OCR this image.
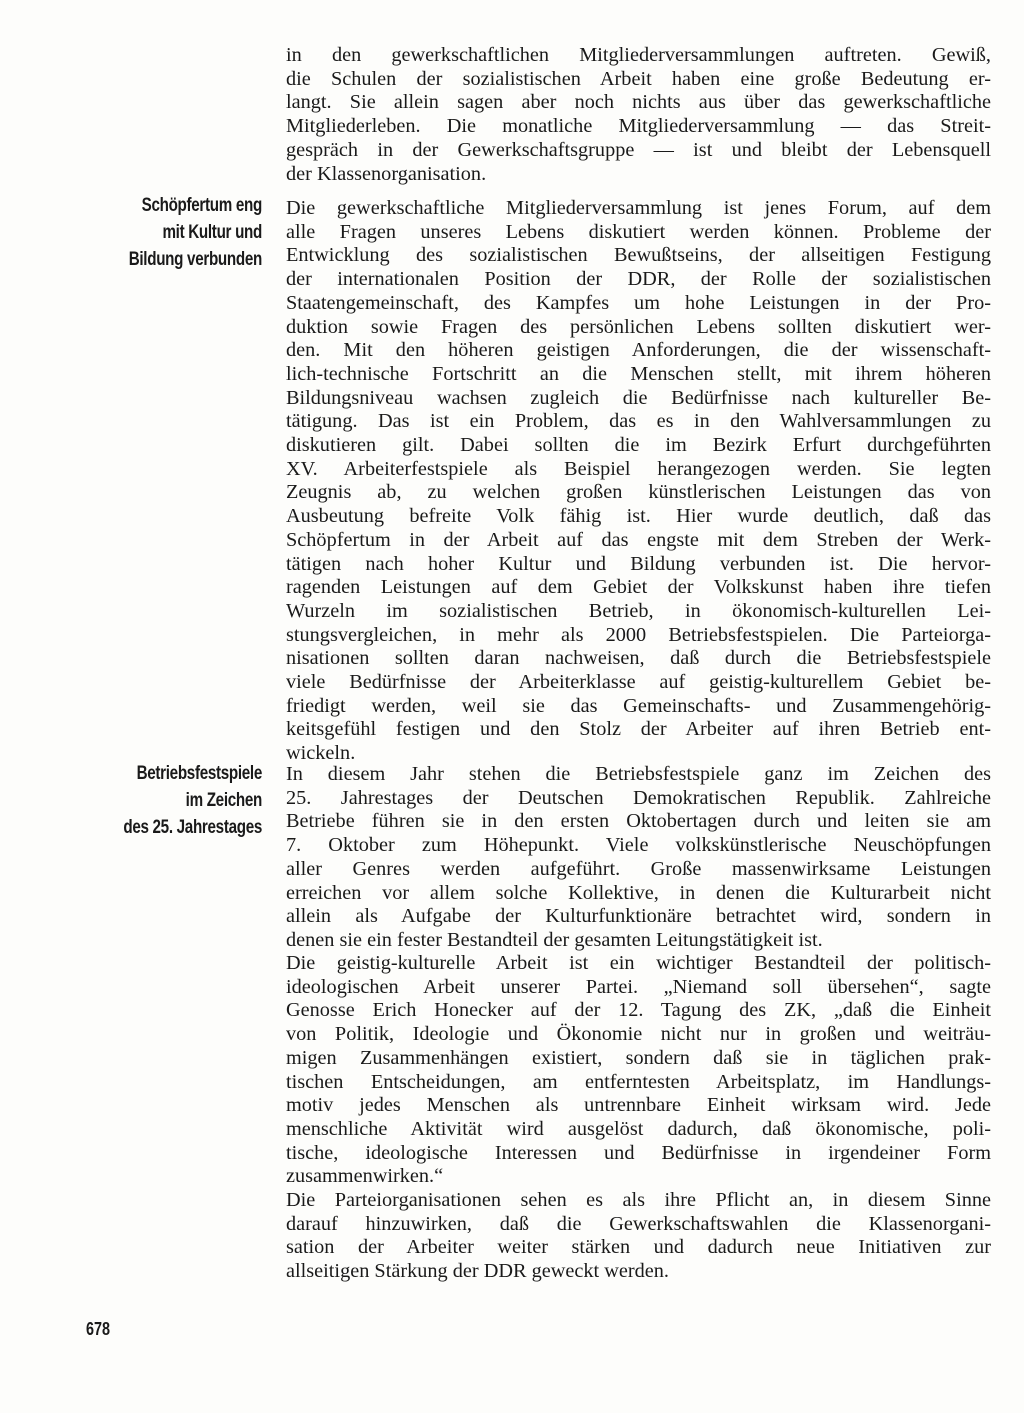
in den gewerkschaftlichen Mitgliederversammlungen auftreten. Gewiß,
die Schulen der sozialistischen Arbeit haben eine große Bedeutung er-
langt. Sie allein sagen aber noch nichts aus über das gewerkschaftliche
Mitgliederleben. Die monatliche Mitgliederversammlung — das Streit-
gespräch in der Gewerkschaftsgruppe — ist und bleibt der Lebensquell
der Klassenorganisation.
Schöpfertum eng
mit Kultur und
Bildung verbunden
Die gewerkschaftliche Mitgliederversammlung ist jenes Forum, auf dem
alle Fragen unseres Lebens diskutiert werden können. Probleme der
Entwicklung des sozialistischen Bewußtseins, der allseitigen Festigung
der internationalen Position der DDR, der Rolle der sozialistischen
Staatengemeinschaft, des Kampfes um hohe Leistungen in der Pro-
duktion sowie Fragen des persönlichen Lebens sollten diskutiert wer-
den. Mit den höheren geistigen Anforderungen, die der wissenschaft-
lich-technische Fortschritt an die Menschen stellt, mit ihrem höheren
Bildungsniveau wachsen zugleich die Bedürfnisse nach kultureller Be-
tätigung. Das ist ein Problem, das es in den Wahlversammlungen zu
diskutieren gilt. Dabei sollten die im Bezirk Erfurt durchgeführten
XV. Arbeiterfestspiele als Beispiel herangezogen werden. Sie legten
Zeugnis ab, zu welchen großen künstlerischen Leistungen das von
Ausbeutung befreite Volk fähig ist. Hier wurde deutlich, daß das
Schöpfertum in der Arbeit auf das engste mit dem Streben der Werk-
tätigen nach hoher Kultur und Bildung verbunden ist. Die hervor-
ragenden Leistungen auf dem Gebiet der Volkskunst haben ihre tiefen
Wurzeln im sozialistischen Betrieb, in ökonomisch-kulturellen Lei-
stungsvergleichen, in mehr als 2000 Betriebsfestspielen. Die Parteiorga-
nisationen sollten daran nachweisen, daß durch die Betriebsfestspiele
viele Bedürfnisse der Arbeiterklasse auf geistig-kulturellem Gebiet be-
friedigt werden, weil sie das Gemeinschafts- und Zusammengehörig-
keitsgefühl festigen und den Stolz der Arbeiter auf ihren Betrieb ent-
wickeln.
Betriebsfestspiele
im Zeichen
des 25. Jahrestages
In diesem Jahr stehen die Betriebsfestspiele ganz im Zeichen des
25. Jahrestages der Deutschen Demokratischen Republik. Zahlreiche
Betriebe führen sie in den ersten Oktobertagen durch und leiten sie am
7. Oktober zum Höhepunkt. Viele volkskünstlerische Neuschöpfungen
aller Genres werden aufgeführt. Große massenwirksame Leistungen
erreichen vor allem solche Kollektive, in denen die Kulturarbeit nicht
allein als Aufgabe der Kulturfunktionäre betrachtet wird, sondern in
denen sie ein fester Bestandteil der gesamten Leitungstätigkeit ist.
Die geistig-kulturelle Arbeit ist ein wichtiger Bestandteil der politisch-
ideologischen Arbeit unserer Partei. „Niemand soll übersehen“, sagte
Genosse Erich Honecker auf der 12. Tagung des ZK, „daß die Einheit
von Politik, Ideologie und Ökonomie nicht nur in großen und weiträu-
migen Zusammenhängen existiert, sondern daß sie in täglichen prak-
tischen Entscheidungen, am entferntesten Arbeitsplatz, im Handlungs-
motiv jedes Menschen als untrennbare Einheit wirksam wird. Jede
menschliche Aktivität wird ausgelöst dadurch, daß ökonomische, poli-
tische, ideologische Interessen und Bedürfnisse in irgendeiner Form
zusammenwirken.“
Die Parteiorganisationen sehen es als ihre Pflicht an, in diesem Sinne
darauf hinzuwirken, daß die Gewerkschaftswahlen die Klassenorgani-
sation der Arbeiter weiter stärken und dadurch neue Initiativen zur
allseitigen Stärkung der DDR geweckt werden.
678
